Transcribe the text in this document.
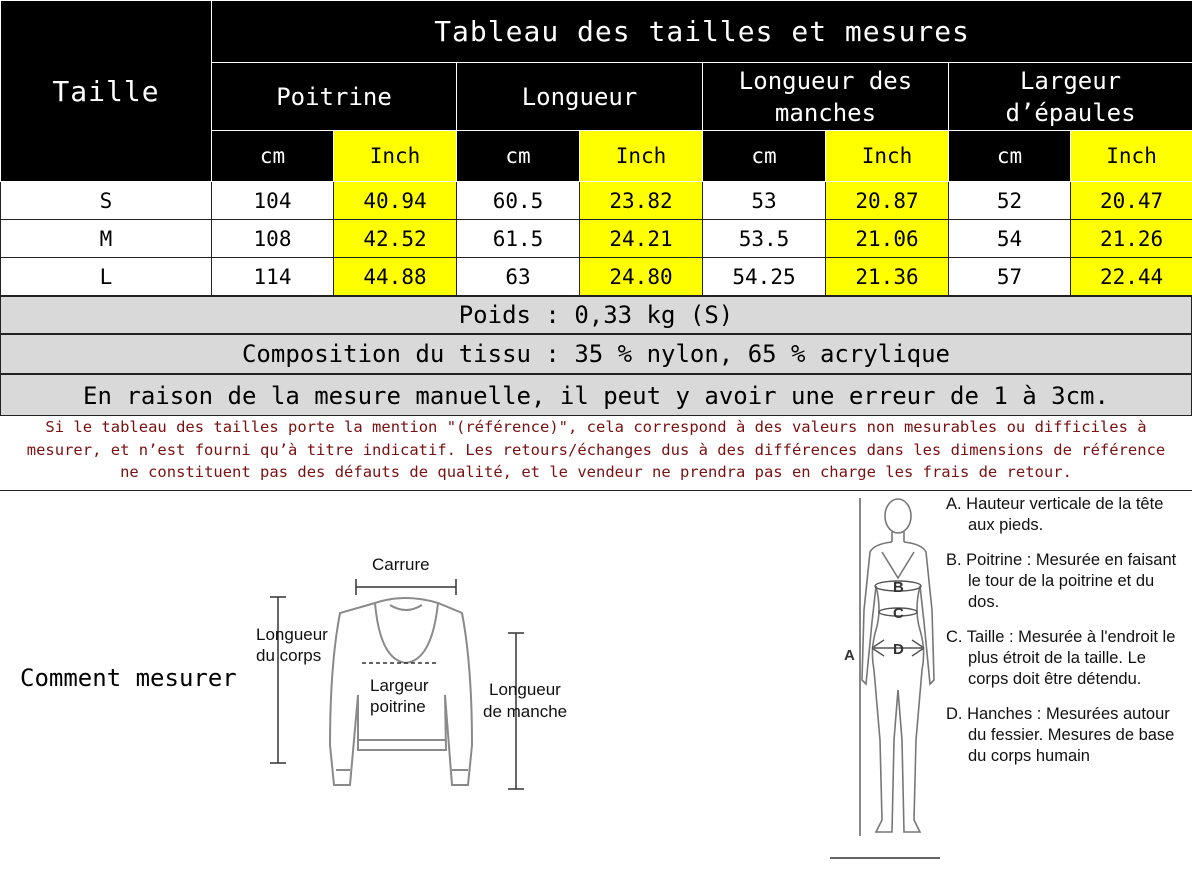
Taille	Tableau des tailles et mesures							
	Poitrine		Longueur		Longueur des manches		Largeur d’épaules	
	cm	Inch	cm	Inch	cm	Inch	cm	Inch
S	104	40.94	60.5	23.82	53	20.87	52	20.47
M	108	42.52	61.5	24.21	53.5	21.06	54	21.26
L	114	44.88	63	24.80	54.25	21.36	57	22.44
Poids : 0,33 kg (S)
Composition du tissu : 35 % nylon, 65 % acrylique
En raison de la mesure manuelle, il peut y avoir une erreur de 1 à 3cm.
Si le tableau des tailles porte la mention "(référence)", cela correspond à des valeurs non mesurables ou difficiles à
mesurer, et n’est fourni qu’à titre indicatif. Les retours/échanges dus à des différences dans les dimensions de référence
ne constituent pas des défauts de qualité, et le vendeur ne prendra pas en charge les frais de retour.
Comment mesurer
Carrure
Longueur
du corps
Largeur
poitrine
Longueur
de manche
B
C
D
A

A. Hauteur verticale de la tête aux pieds.

B. Poitrine : Mesurée en faisant le tour de la poitrine et du dos.

C. Taille : Mesurée à l'endroit le plus étroit de la taille. Le corps doit être détendu.

D. Hanches : Mesurées autour du fessier. Mesures de base du corps humain
